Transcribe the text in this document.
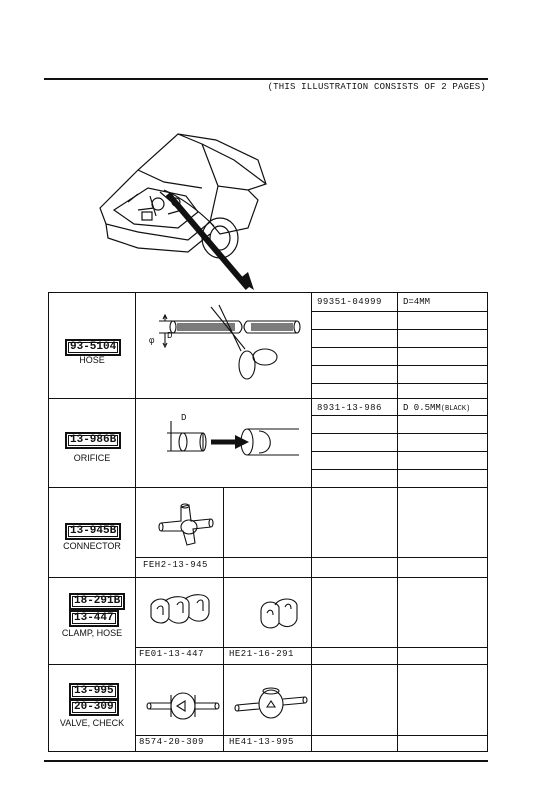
(THIS ILLUSTRATION CONSISTS OF 2 PAGES)
93-5104
HOSE
φ D
99351-04999 D=4MM
13-986B
ORIFICE
D
8931-13-986 D 0.5MM(BLACK)
13-945B
CONNECTOR
FEH2-13-945
18-291B
13-447
CLAMP, HOSE
FE01-13-447	HE21-16-291
13-995
20-309
VALVE, CHECK
8574-20-309	HE41-13-995
